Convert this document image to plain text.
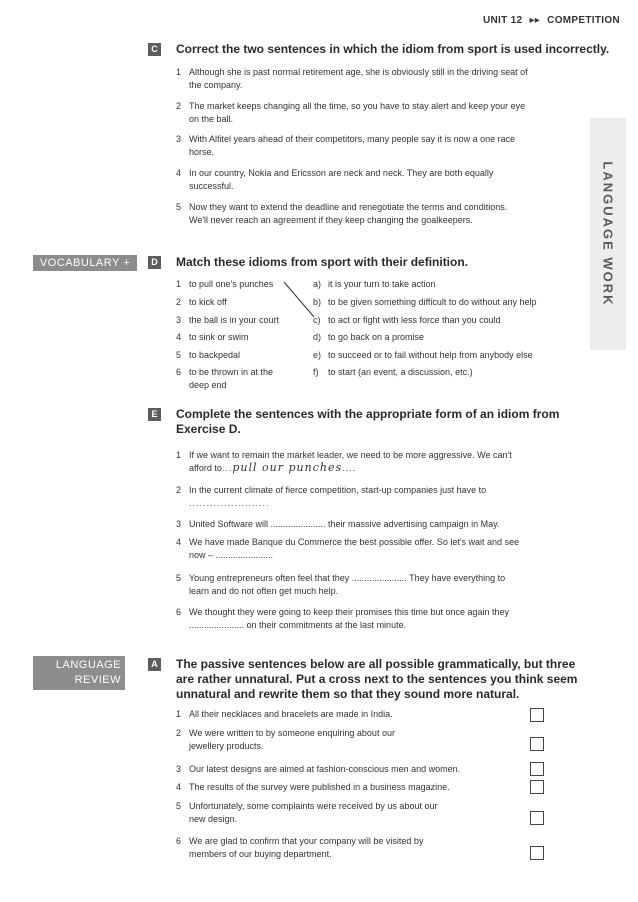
UNIT 12 ▸▸ COMPETITION
LANGUAGE WORK
C Correct the two sentences in which the idiom from sport is used incorrectly.
1 Although she is past normal retirement age, she is obviously still in the driving seat of
the company.
2 The market keeps changing all the time, so you have to stay alert and keep your eye
on the ball.
3 With Alfitel years ahead of their competitors, many people say it is now a one race
horse.
4 In our country, Nokia and Ericsson are neck and neck. They are both equally
successful.
5 Now they want to extend the deadline and renegotiate the terms and conditions.
We'll never reach an agreement if they keep changing the goalkeepers.
VOCABULARY +	D Match these idioms from sport with their definition.
1 to pull one's punches
2 to kick off
3 the ball is in your court
4 to sink or swim
5 to backpedal
6 to be thrown in at the
deep end
a) it is your turn to take action
b) to be given something difficult to do without any help
c) to act or fight with less force than you could
d) to go back on a promise
e) to succeed or to fail without help from anybody else
f) to start (an event, a discussion, etc.)
E Complete the sentences with the appropriate form of an idiom from
Exercise D.
1 If we want to remain the market leader, we need to be more aggressive. We can't
afford to...pull our punches....
2 In the current climate of fierce competition, start-up companies just have to
.......................
3 United Software will ...................... their massive advertising campaign in May.
4 We have made Banque du Commerce the best possible offer. So let's wait and see
now – .......................
5 Young entrepreneurs often feel that they ...................... They have everything to
learn and do not often get much help.
6 We thought they were going to keep their promises this time but once again they
...................... on their commitments at the last minute.
LANGUAGE
REVIEW
A The passive sentences below are all possible grammatically, but three
are rather unnatural. Put a cross next to the sentences you think seem
unnatural and rewrite them so that they sound more natural.
1 All their necklaces and bracelets are made in India.
2 We were written to by someone enquiring about our
jewellery products.
3 Our latest designs are aimed at fashion-conscious men and women.
4 The results of the survey were published in a business magazine.
5 Unfortunately, some complaints were received by us about our
new design.
6 We are glad to confirm that your company will be visited by
members of our buying department.
